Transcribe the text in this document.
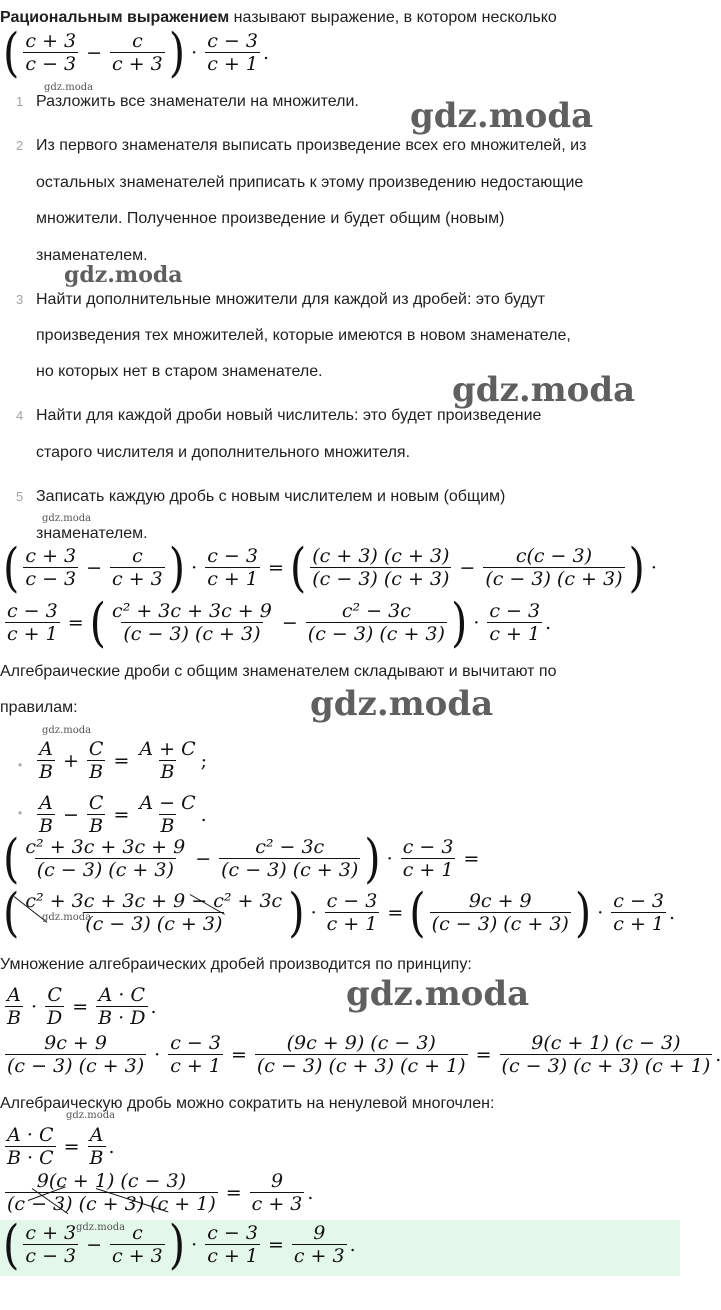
Рациональным выражением называют выражение, в котором несколько
( $\frac{c + 3}{c - 3} - \frac{c}{c + 3}$ ) · $\frac{c - 3}{c + 1}$ .
1 Разложить все знаменатели на множители.
2 Из первого знаменателя выписать произведение всех его множителей, из
остальных знаменателей приписать к этому произведению недостающие
множители. Полученное произведение и будет общим (новым)
знаменателем.
3 Найти дополнительные множители для каждой из дробей: это будут
произведения тех множителей, которые имеются в новом знаменателе,
но которых нет в старом знаменателе.
4 Найти для каждой дроби новый числитель: это будет произведение
старого числителя и дополнительного множителя.
5 Записать каждую дробь с новым числителем и новым (общим)
знаменателем.
( $\frac{c + 3}{c - 3} - \frac{c}{c + 3}$ ) · $\frac{c - 3}{c + 1}$ = ( $\frac{(c + 3) (c + 3)}{(c - 3) (c + 3)} - \frac{c(c - 3)}{(c - 3) (c + 3)}$ ) ·
$\frac{c - 3}{c + 1}$ = ( $\frac{\text{c² + 3c + 3c + 9}}{(c - 3) (c + 3)} - \frac{\text{c² − 3c}}{(c - 3) (c + 3)}$ ) · $\frac{c - 3}{c + 1}$ .
Алгебраические дроби с общим знаменателем складывают и вычитают по
правилам:
• $\frac{A}{B} + \frac{C}{B} = \frac{A + C}{B}$ ;
• $\frac{A}{B} - \frac{C}{B} = \frac{A - C}{B}$ .
( $\frac{\text{c² + 3c + 3c + 9}}{(c - 3) (c + 3)} - \frac{\text{c² − 3c}}{(c - 3) (c + 3)}$ ) · $\frac{c - 3}{c + 1}$ =
( $\frac{\text{c² + 3c + 3c + 9 − c² + 3c}}{(c - 3) (c + 3)}$ ) · $\frac{c - 3}{c + 1}$ = ( $\frac{9c + 9}{(c - 3) (c + 3)}$ ) · $\frac{c - 3}{c + 1}$ .
Умножение алгебраических дробей производится по принципу:
$\frac{A}{B} \cdot \frac{C}{D} = \frac{A \cdot C}{B \cdot D}$ .
$\frac{9c + 9}{(c - 3) (c + 3)} \cdot \frac{c - 3}{c + 1} = \frac{(9c + 9) (c - 3)}{(c - 3) (c + 3) (c + 1)} = \frac{9(c + 1) (c - 3)}{(c - 3) (c + 3) (c + 1)}$ .
Алгебраическую дробь можно сократить на ненулевой многочлен:
$\frac{A \cdot C}{B \cdot C} = \frac{A}{B}$ .
$\frac{9(c + 1) (c - 3)}{(c - 3) (c + 3) (c + 1)} = \frac{9}{c + 3}$ .
( $\frac{c + 3}{c - 3} - \frac{c}{c + 3}$ ) · $\frac{c - 3}{c + 1} = \frac{9}{c + 3}$ .
gdz.moda
gdz.moda
gdz.moda
gdz.moda
gdz.moda
gdz.moda
gdz.moda
gdz.moda
gdz.moda
gdz.moda
gdz.moda
